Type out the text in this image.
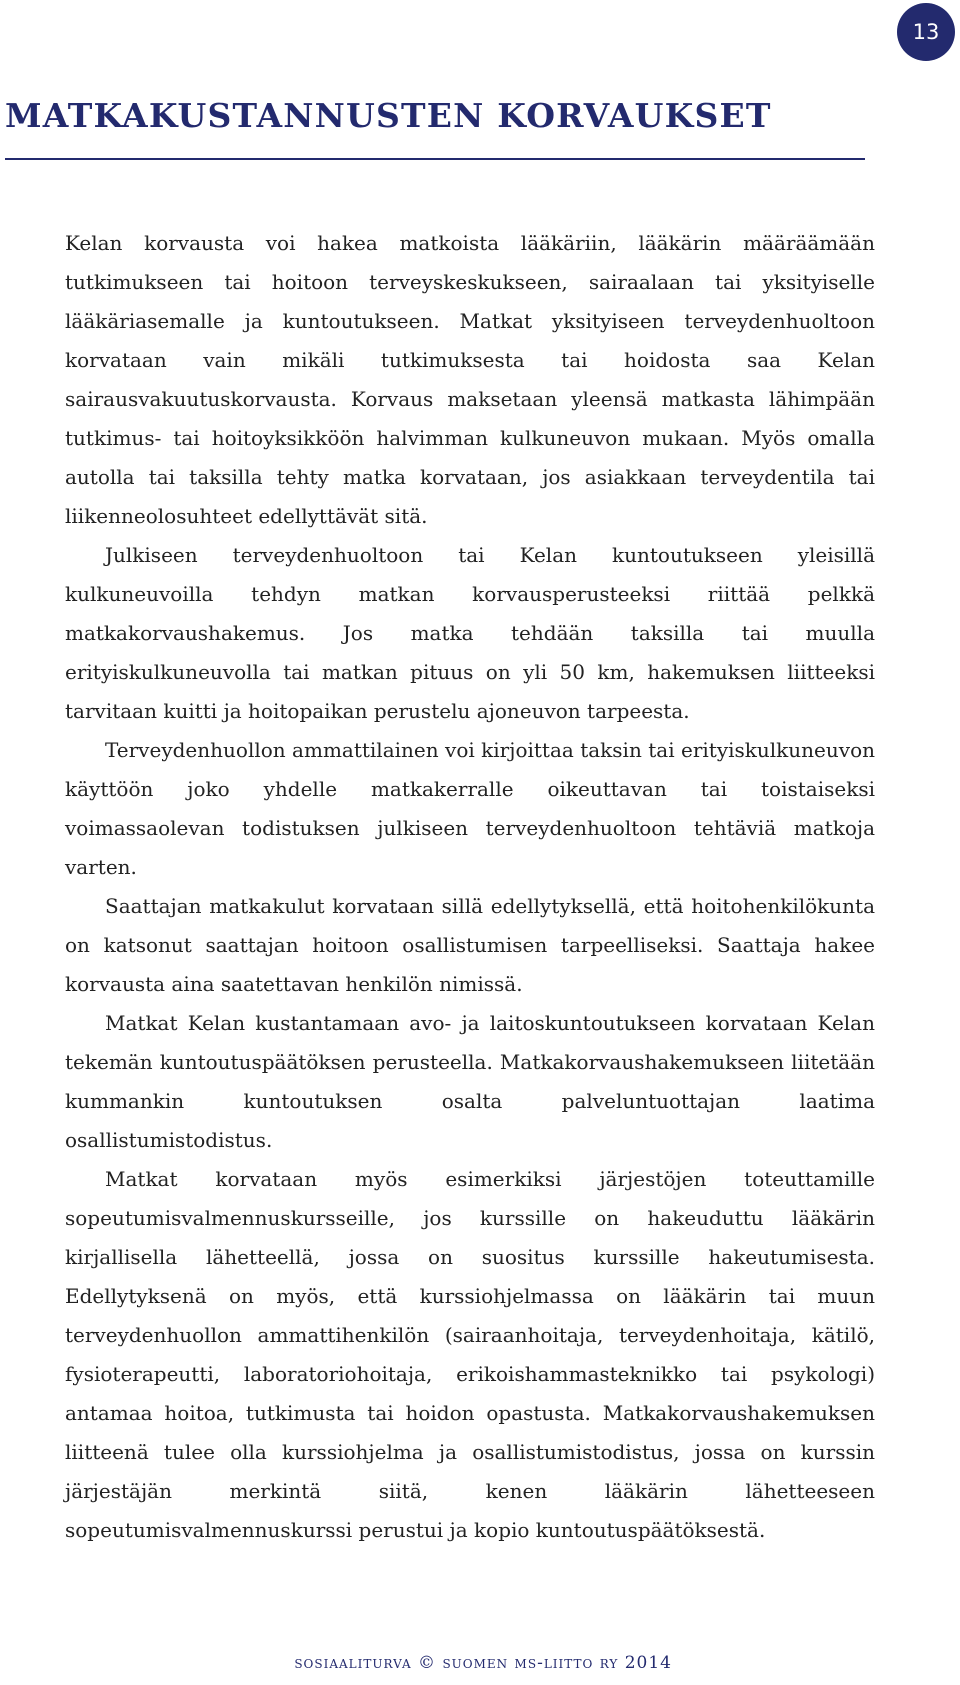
13
MATKAKUSTANNUSTEN KORVAUKSET

Kelan korvausta voi hakea matkoista lääkäriin, lääkärin määräämään tutkimukseen tai hoitoon terveyskeskukseen, sairaalaan tai yksityiselle lääkäriasemalle ja kuntoutukseen. Matkat yksityiseen terveydenhuoltoon korvataan vain mikäli tutkimuksesta tai hoidosta saa Kelan sairausvakuutuskorvausta. Korvaus maksetaan yleensä matkasta lähimpään tutkimus- tai hoitoyksikköön halvimman kulkuneuvon mukaan. Myös omalla autolla tai taksilla tehty matka korvataan, jos asiakkaan terveydentila tai liikenneolosuhteet edellyttävät sitä.

Julkiseen terveydenhuoltoon tai Kelan kuntoutukseen yleisillä kulkuneuvoilla tehdyn matkan korvausperusteeksi riittää pelkkä matkakorvaushakemus. Jos matka tehdään taksilla tai muulla erityiskulkuneuvolla tai matkan pituus on yli 50 km, hakemuksen liitteeksi tarvitaan kuitti ja hoitopaikan perustelu ajoneuvon tarpeesta.

Terveydenhuollon ammattilainen voi kirjoittaa taksin tai erityiskulkuneuvon käyttöön joko yhdelle matkakerralle oikeuttavan tai toistaiseksi voimassaolevan todistuksen julkiseen terveydenhuoltoon tehtäviä matkoja varten.

Saattajan matkakulut korvataan sillä edellytyksellä, että hoitohenkilökunta on katsonut saattajan hoitoon osallistumisen tarpeelliseksi. Saattaja hakee korvausta aina saatettavan henkilön nimissä.

Matkat Kelan kustantamaan avo- ja laitoskuntoutukseen korvataan Kelan tekemän kuntoutuspäätöksen perusteella. Matkakorvaushakemukseen liitetään kummankin kuntoutuksen osalta palveluntuottajan laatima osallistumistodistus.

Matkat korvataan myös esimerkiksi järjestöjen toteuttamille sopeutumisvalmennuskursseille, jos kurssille on hakeuduttu lääkärin kirjallisella lähetteellä, jossa on suositus kurssille hakeutumisesta. Edellytyksenä on myös, että kurssiohjelmassa on lääkärin tai muun terveydenhuollon ammattihenkilön (sairaanhoitaja, terveydenhoitaja, kätilö, fysioterapeutti, laboratoriohoitaja, erikoishammasteknikko tai psykologi) antamaa hoitoa, tutkimusta tai hoidon opastusta. Matkakorvaushakemuksen liitteenä tulee olla kurssiohjelma ja osallistumistodistus, jossa on kurssin järjestäjän merkintä siitä, kenen lääkärin lähetteeseen sopeutumisvalmennuskurssi perustui ja kopio kuntoutuspäätöksestä.

sosiaaliturva © suomen ms-liitto ry 2014
